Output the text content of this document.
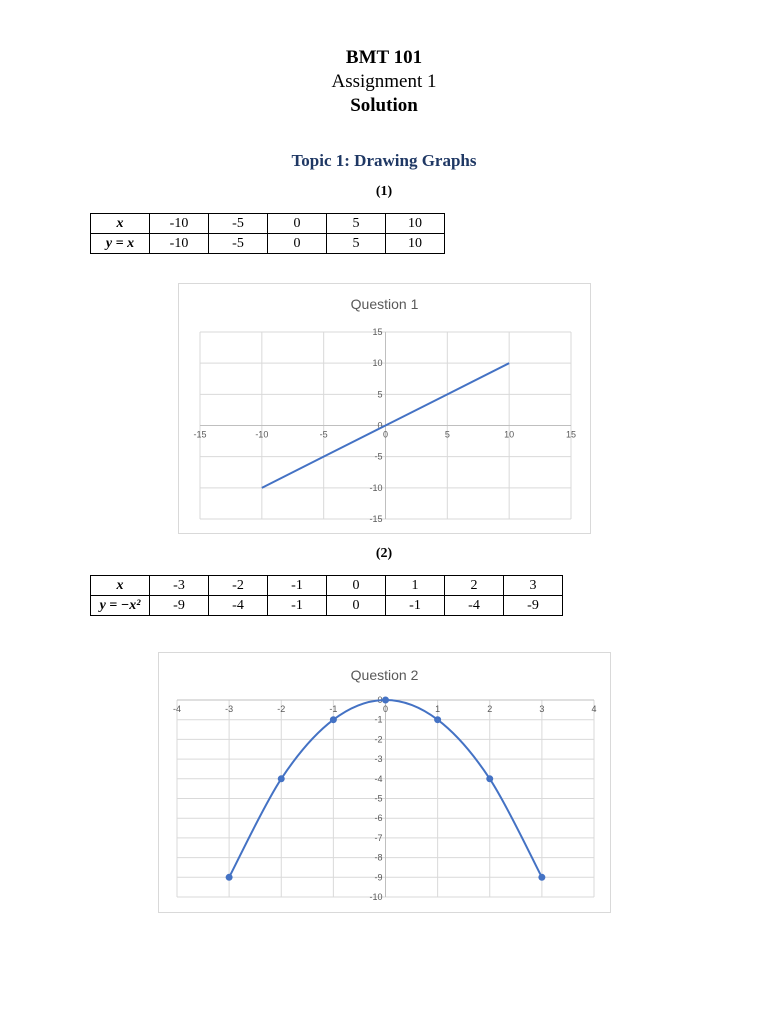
BMT 101
Assignment 1
Solution
Topic 1: Drawing Graphs
(1)
x	-10	-5	0	5	10
y = x	-10	-5	0	5	10
Question 1
-15	-10	-5	0	5	10	15
-15
-10
-5
0
5
10
15
(2)
x	-3	-2	-1	0	1	2	3
y = −x²	-9	-4	-1	0	-1	-4	-9
Question 2
-4	-3	-2	-1	0	1	2	3	4
0
-1
-2
-3
-4
-5
-6
-7
-8
-9
-10
